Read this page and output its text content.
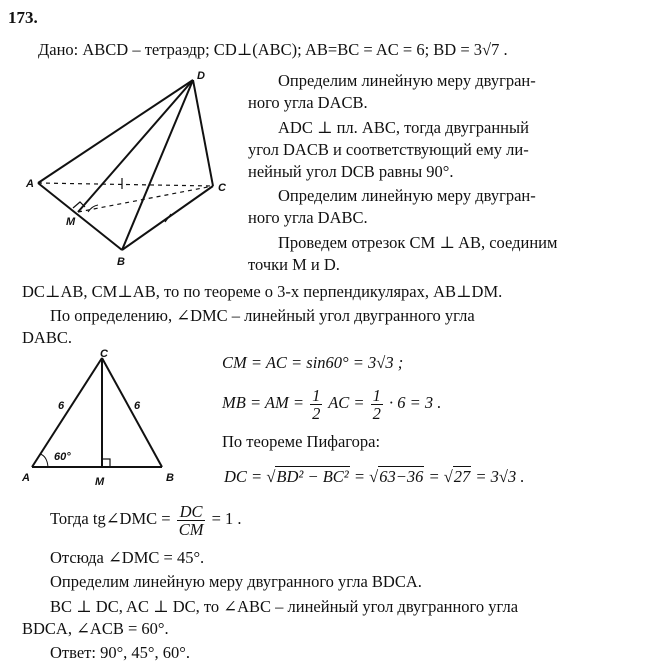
173.
Дано: ABCD – тетраэдр; CD⊥(ABC); AB=BC = AC = 6; BD = 3√7 .
D
A	C
M
B
Определим линейную меру двугран-
ного угла DACB.
ADC ⊥ пл. ABC, тогда двугранный
угол DACB и соответствующий ему ли-
нейный угол DCB равны 90°.
Определим линейную меру двугран-
ного угла DABC.
Проведем отрезок CM ⊥ AB, соединим
точки M и D.
DC⊥AB, CM⊥AB, то по теореме о 3-х перпендикулярах, AB⊥DM.
По определению, ∠DMC – линейный угол двугранного угла
DABC.
C
A	B
M
6	6
60°
CM = AC = sin60° = 3√3 ;
MB = AM = $\frac{1}{2}$ AC = $\frac{1}{2} \cdot 6 = 3$ .
По теореме Пифагора:
DC = √BD² − BC² = √63−36 = √27 = 3√3 .
Тогда tg∠DMC = $\frac{DC}{CM} = 1$ .
Отсюда ∠DMC = 45°.
Определим линейную меру двугранного угла BDCA.
BC ⊥ DC, AC ⊥ DC, то ∠ABC – линейный угол двугранного угла
BDCA, ∠ACB = 60°.
Ответ: 90°, 45°, 60°.
